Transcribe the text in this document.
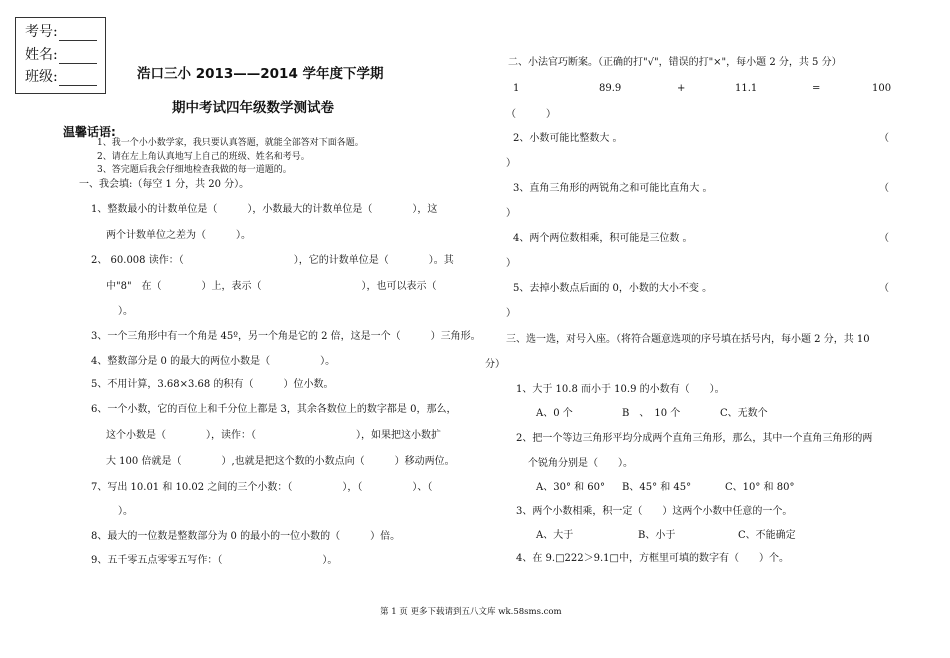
考号:
姓名:
班级:	浩口三小 2013——2014 学年度下学期
期中考试四年级数学测试卷
温馨话语:
1、我一个小小数学家，我只要认真答题，就能全部答对下面各题。
2、请在左上角认真地写上自己的班级、姓名和考号。
3、答完题后我会仔细地检查我做的每一道题的。
一、我会填:（每空 1 分，共 20 分）。
1、整数最小的计数单位是（　　　），小数最大的计数单位是（　　　　），这
两个计数单位之差为（　　　）。
2、 60.008 读作：（　　　　　　　　　　　），它的计数单位是（　　　　）。其
中"8"　在（　　　　）上，表示（　　　　　　　　　　），也可以表示（
）。
3、一个三角形中有一个角是 45º，另一个角是它的 2 倍，这是一个（　　　）三角形。
4、整数部分是 0 的最大的两位小数是（　　　　　）。
5、不用计算，3.68×3.68 的积有（　　　）位小数。
6、一个小数，它的百位上和千分位上都是 3，其余各数位上的数字都是 0，那么，
这个小数是（　　　　），读作：（　　　　　　　　　　），如果把这小数扩
大 100 倍就是（　　　　）,也就是把这个数的小数点向（　　　）移动两位。
7、写出 10.01 和 10.02 之间的三个小数：（　　　　　），（　　　　　）、（
）。
8、最大的一位数是整数部分为 0 的最小的一位小数的（　　　）倍。
9、五千零五点零零五写作：（　　　　　　　　　　）。
二、小法官巧断案。（正确的打"√"，错误的打"×"，每小题 2 分，共 5 分）
1	89.9	+	11.1	=	100
（　　　）
2、小数可能比整数大 。	（
）
3、直角三角形的两锐角之和可能比直角大 。	（
）
4、两个两位数相乘，积可能是三位数 。	（
）
5、去掉小数点后面的 0，小数的大小不变 。	（
）
三、选一选，对号入座。（将符合题意选项的序号填在括号内，每小题 2 分，共 10
分）
1、大于 10.8 而小于 10.9 的小数有（　　）。
A、0 个	B　、　10 个	C、无数个
2、把一个等边三角形平均分成两个直角三角形，那么，其中一个直角三角形的两
个锐角分别是（　　）。
A、30° 和 60° B、45° 和 45°	C、10° 和 80°
3、两个小数相乘，积一定（　　）这两个小数中任意的一个。
A、大于	B、小于	C、不能确定
4、在 9.□222＞9.1□中，方框里可填的数字有（　　）个。
第 1 页 更多下载请到五八文库 wk.58sms.com
